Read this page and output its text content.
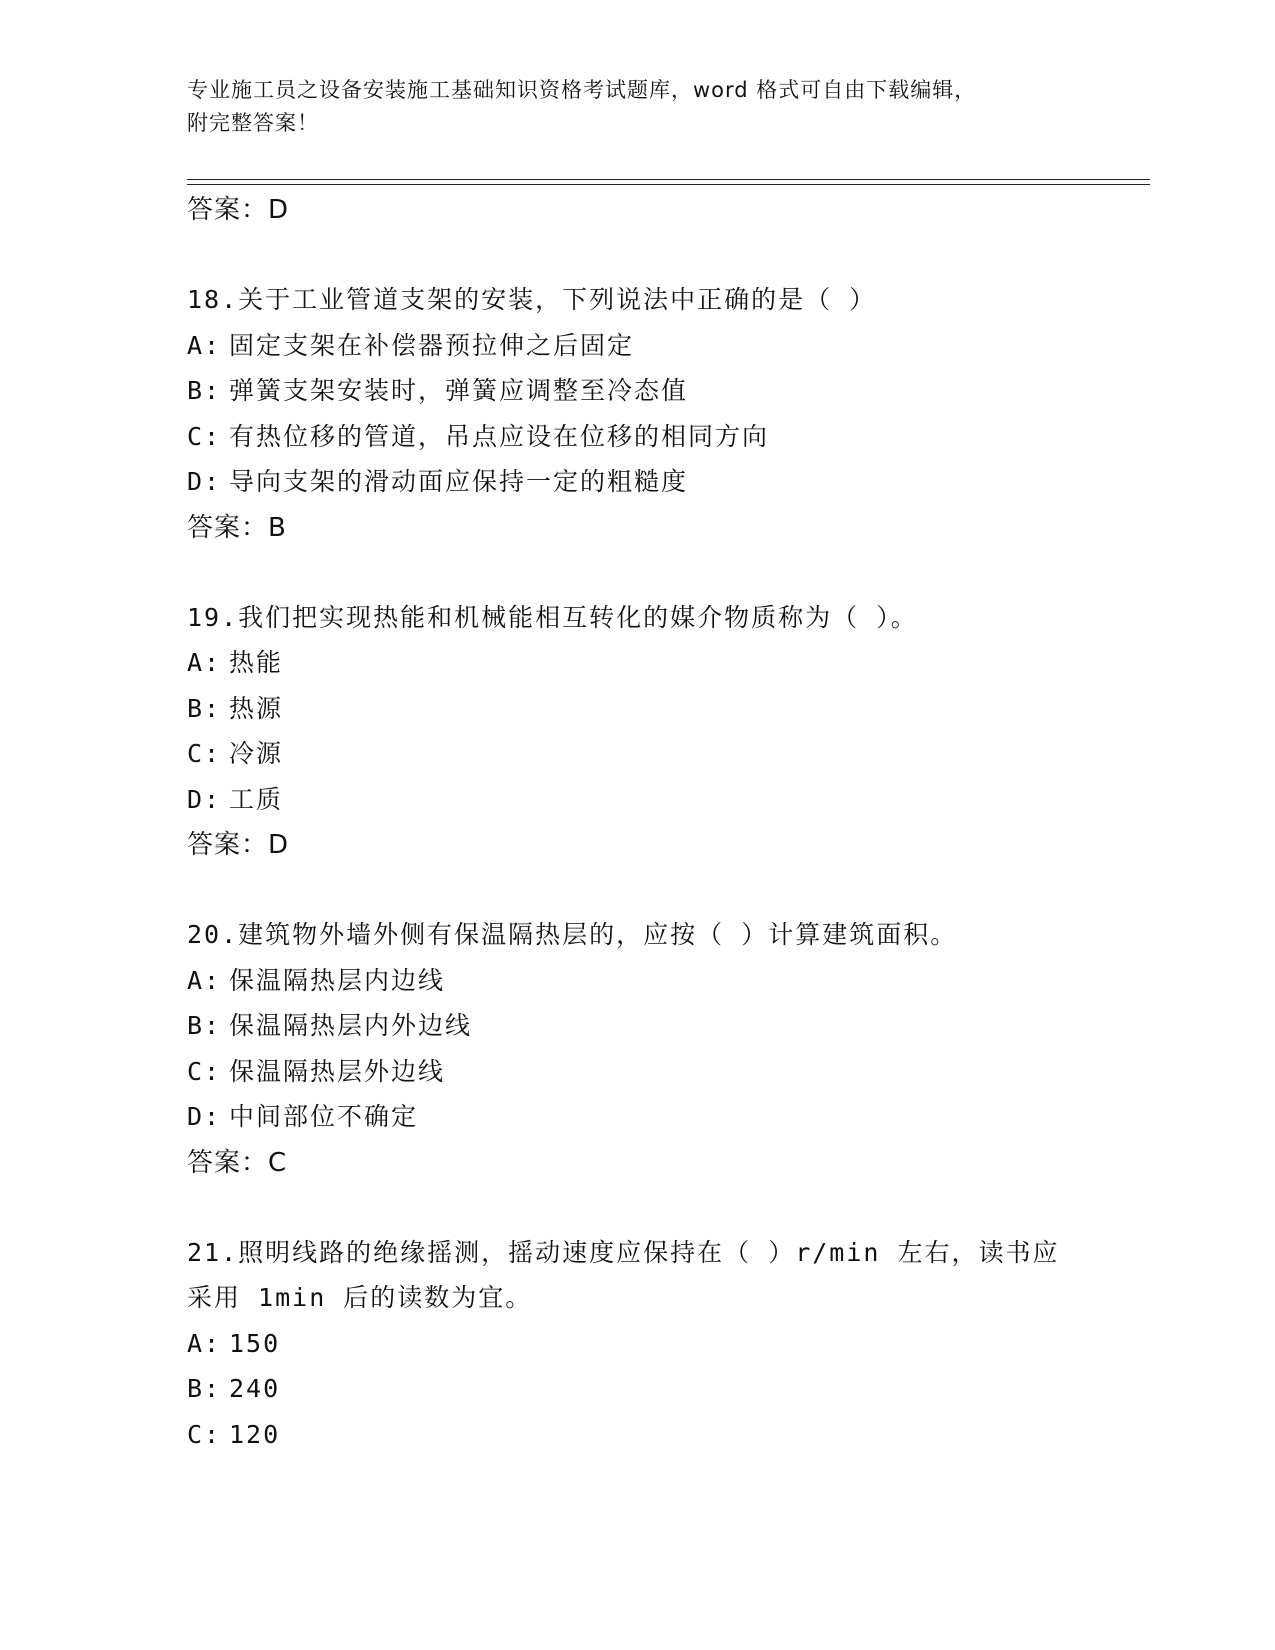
专业施工员之设备安装施工基础知识资格考试题库，word 格式可自由下载编辑，
附完整答案！
答案：D
18.关于工业管道支架的安装，下列说法中正确的是（ ）
A: 固定支架在补偿器预拉伸之后固定
B: 弹簧支架安装时，弹簧应调整至冷态值
C: 有热位移的管道，吊点应设在位移的相同方向
D: 导向支架的滑动面应保持一定的粗糙度
答案：B
19.我们把实现热能和机械能相互转化的媒介物质称为（ ）。
A: 热能
B: 热源
C: 冷源
D: 工质
答案：D
20.建筑物外墙外侧有保温隔热层的，应按（ ）计算建筑面积。
A: 保温隔热层内边线
B: 保温隔热层内外边线
C: 保温隔热层外边线
D: 中间部位不确定
答案：C
21.照明线路的绝缘摇测，摇动速度应保持在（ ）r/min 左右，读书应
采用 1min 后的读数为宜。
A: 150
B: 240
C: 120
